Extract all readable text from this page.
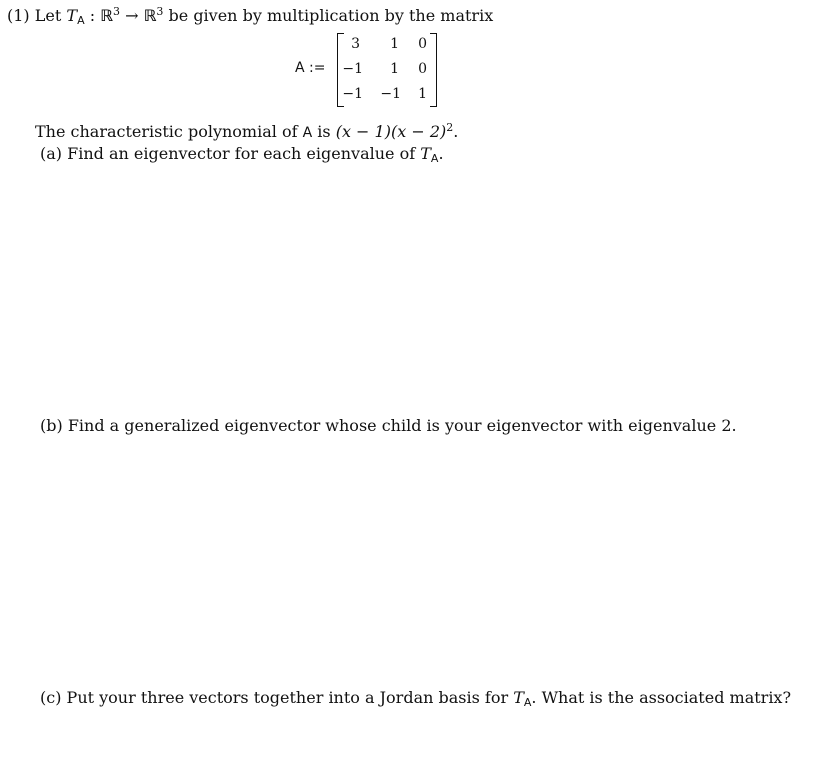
(1) Let $T_A$ : ℝ$^3$ → ℝ$^3$ be given by multiplication by the matrix
A :=
3	1	0
−1	1	0
−1	−1	1
The characteristic polynomial of A is $(x - 1)(x - 2)^2$.
(a) Find an eigenvector for each eigenvalue of $T_A$.
(b) Find a generalized eigenvector whose child is your eigenvector with eigenvalue 2.
(c) Put your three vectors together into a Jordan basis for $T_A$. What is the associated matrix?
